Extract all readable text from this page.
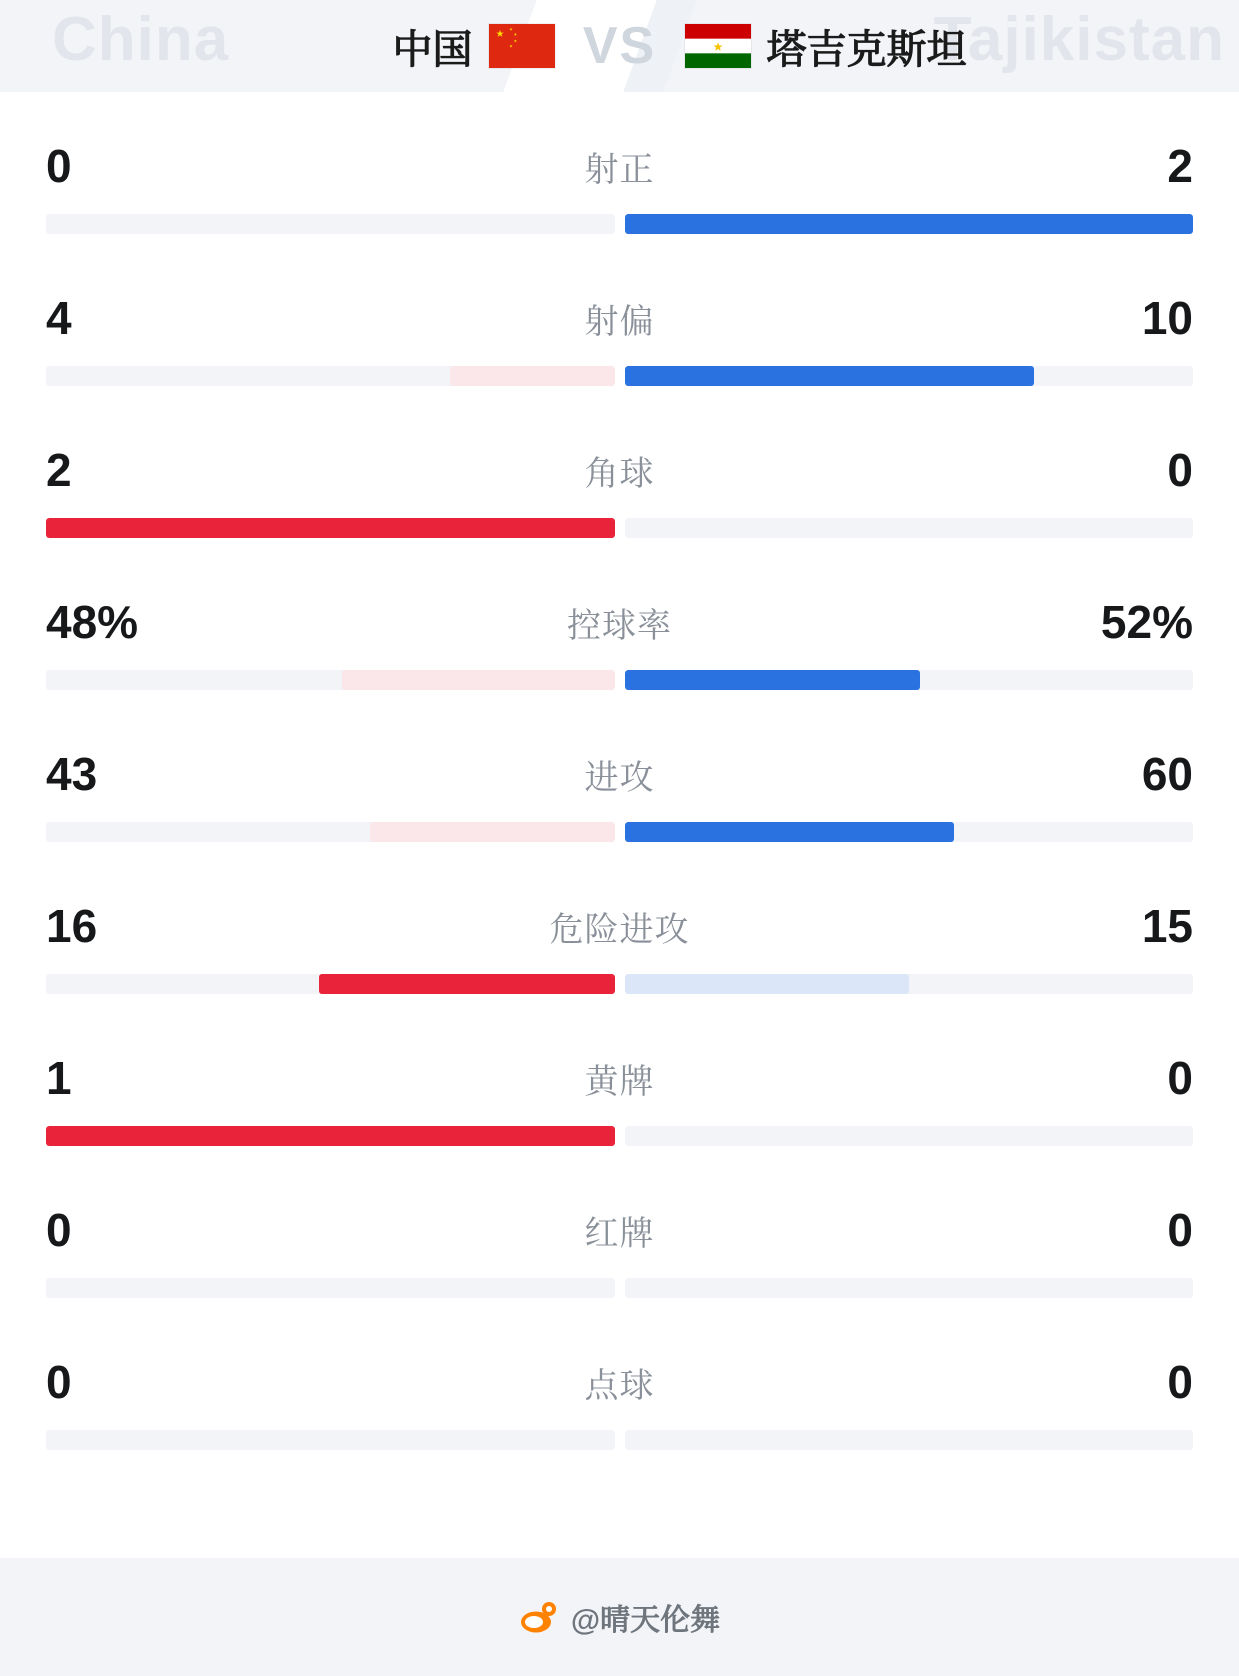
China	Tajikistan
中国	VS	塔吉克斯坦
0	射正	2
4	射偏	10
2	角球	0
48%	控球率	52%
43	进攻	60
16	危险进攻	15
1	黄牌	0
0	红牌	0
0	点球	0
@晴天伦舞
